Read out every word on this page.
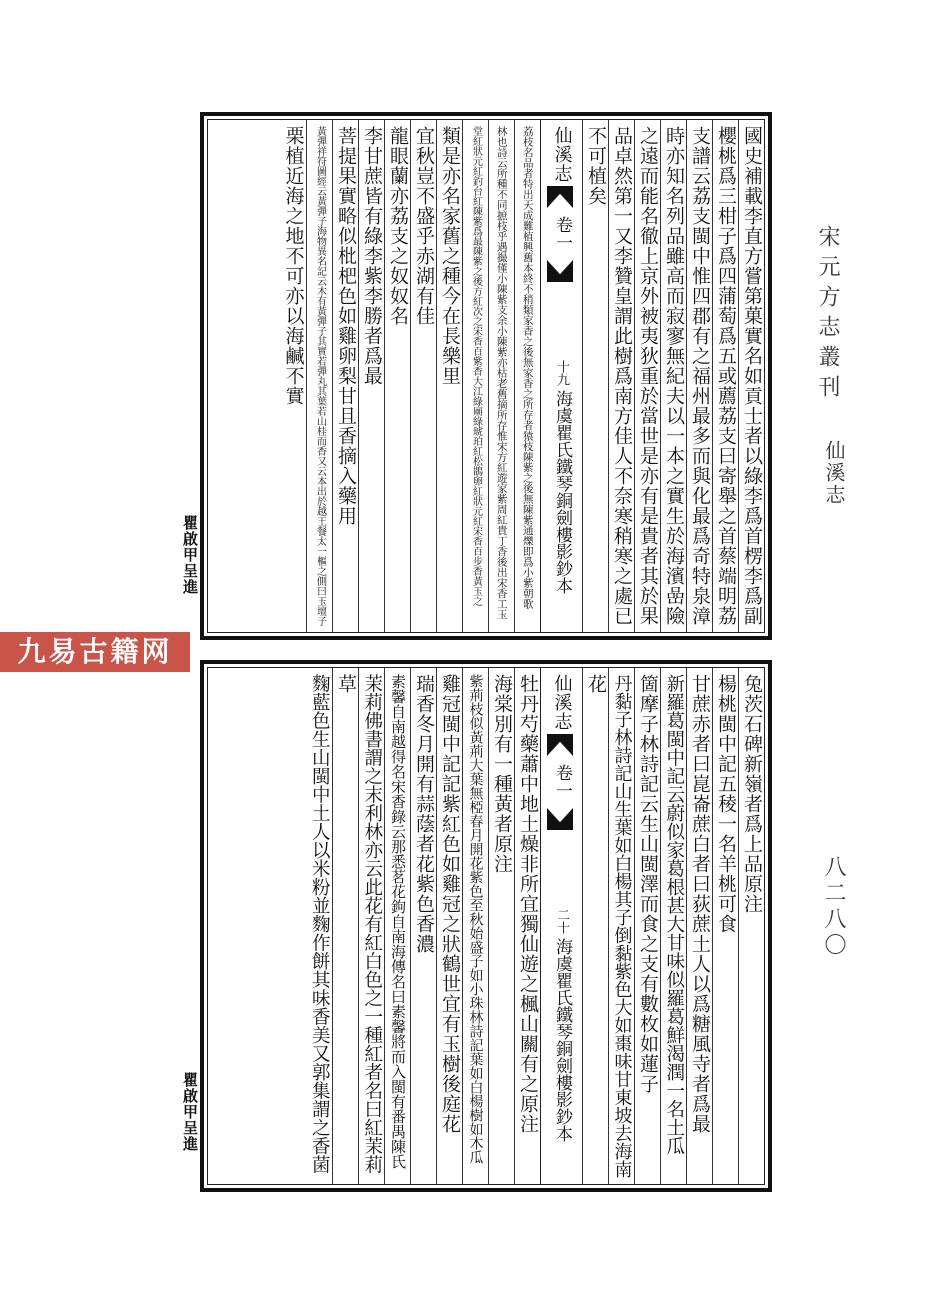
國史補載李直方嘗第菓實名如貢士者以綠李爲首楞李爲副
櫻桃爲三柑子爲四蒲萄爲五或薦荔支曰寄舉之首蔡端明荔
支譜云荔支閩中惟四郡有之福州最多而與化最爲奇特泉漳
時亦知名列品雖高而寂寥無紀夫以一本之實生於海濱嵒險
之遠而能名徹上京外被夷狄重於當世是亦有是貴者其於果
品卓然第一又李贊皇謂此樹爲南方佳人不奈寒稍寒之處已
不可植矣
仙溪志
卷一
十九
海虞瞿氏鐵琴銅劍樓影鈔本
荔枝名品者特出天成難植興舊本終不稍類家香之後無家香之所存者猿枝陳紫之後無陳紫通爍即爲小紫朝歌
林也詩云所種不同摭枝乎遇撮僅小陳紫支余小陳紫亦枯老舊摘所存惟宋方紅遊家紫周紅貴丁香後出宋香工玉
堂紅狀元紅釣台紅陳紫爲最陳紫之後方紅次之宋香百紫香大江綠廟綠琥珀紅松鵲卵紅狀元紅宋香百步香黃玉之
類是亦名家舊之種今在長樂里
宜秋豈不盛乎赤湖有佳
龍眼蘭亦荔支之奴奴名
李甘蔗皆有綠李紫李勝者爲最
菩提果實略似枇杷色如雞卵梨甘且香摘入藥用
黃彈祥符圖經云黃彈子海物異名記云木有黃彈子其實若彈丸其葉若山桂而香又云本出於越王餐太一樞之側曰玉壇子
栗植近海之地不可亦以海鹹不實
兔茨石碑新嶺者爲上品原注
楊桃閩中記五稜一名羊桃可食
甘蔗赤者曰崑崙蔗白者曰荻蔗土人以爲糖風寺者爲最
新羅葛閩中記云蔚似家葛根甚大甘味似羅葛鮮渴潤一名土瓜
箇摩子林詩記云生山閩澤而食之支有數枚如蓮子
丹黏子林詩記山生葉如白楊其子倒黏紫色大如棗味甘東坡去海南
花
仙溪志
卷一
二十
海虞瞿氏鐵琴銅劍樓影鈔本
牡丹芍藥蕭中地土燥非所宜獨仙遊之楓山關有之原注
海棠別有一種黃者原注
紫荊枝似黃荊大葉無椏春月開花紫色至秋始盛子如小珠林詩記葉如白楊樹如木瓜
雞冠閩中記記紫紅色如雞冠之狀鶴世宜有玉樹後庭花
瑞香冬月開有蒜蔭者花紫色香濃
素馨自南越得名宋香錄云那悉茗花鉤自南海傳名曰素馨將而入閩有番禺陳氏
茉莉佛書謂之末利林亦云此花有紅白色之一種紅者名曰紅茉莉
草
麴藍色生山閩中土人以米粉並麴作餅其味香美又郭集謂之香菌
宋元方志叢刊
仙溪志
八二八〇
瞿啟甲呈進
瞿啟甲呈進
九易古籍网
